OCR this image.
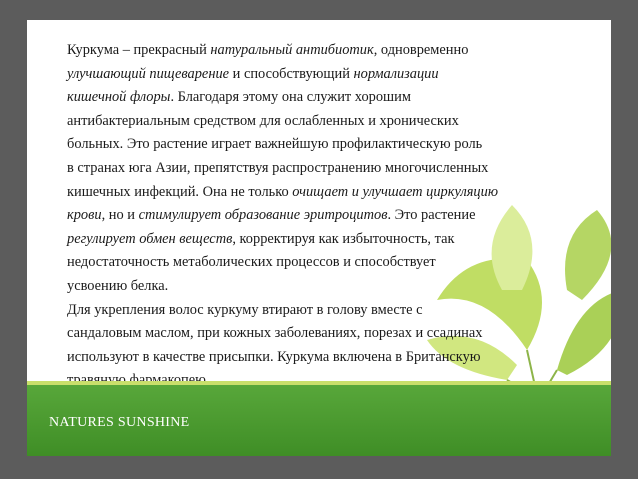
Куркума – прекрасный натуральный антибиотик, одновременно
улучшающий пищеварение и способствующий нормализации
кишечной флоры. Благодаря этому она служит хорошим
антибактериальным средством для ослабленных и хронических
больных. Это растение играет важнейшую профилактическую роль
в странах юга Азии, препятствуя распространению многочисленных
кишечных инфекций. Она не только очищает и улучшает циркуляцию
крови, но и стимулирует образование эритроцитов. Это растение
регулирует обмен веществ, корректируя как избыточность, так
недостаточность метаболических процессов и способствует
усвоению белка.
Для укрепления волос куркуму втирают в голову вместе с
сандаловым маслом, при кожных заболеваниях, порезах и ссадинах
используют в качестве присыпки. Куркума включена в Британскую
NATURES SUNSHINE
